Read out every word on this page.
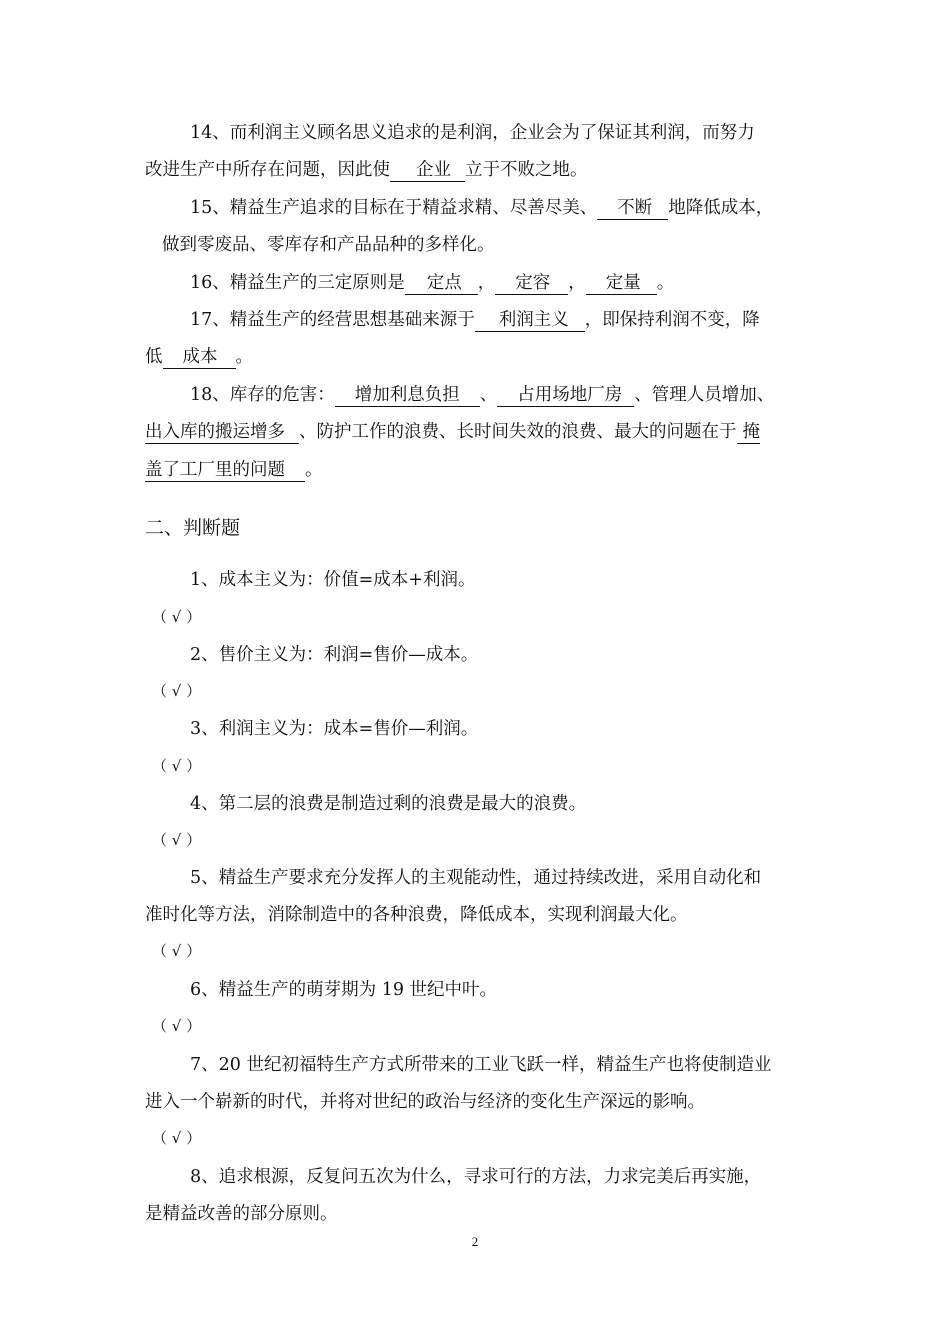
14、而利润主义顾名思义追求的是利润，企业会为了保证其利润，而努力
改进生产中所存在问题，因此使 企业 立于不败之地。
15、精益生产追求的目标在于精益求精、尽善尽美、 不断 地降低成本，
做到零废品、零库存和产品品种的多样化。
16、精益生产的三定原则是 定点 ， 定容 ， 定量 。
17、精益生产的经营思想基础来源于 利润主义 ，即保持利润不变，降
低 成本 。
18、库存的危害： 增加利息负担 、 占用场地厂房 、管理人员增加、
出入库的搬运增多 、防护工作的浪费、长时间失效的浪费、最大的问题在于 掩
盖了工厂里的问题 。
二、判断题
1、成本主义为：价值=成本+利润。
（ √ ）
2、售价主义为：利润=售价—成本。
（ √ ）
3、利润主义为：成本=售价—利润。
（ √ ）
4、第二层的浪费是制造过剩的浪费是最大的浪费。
（ √ ）
5、精益生产要求充分发挥人的主观能动性，通过持续改进，采用自动化和
准时化等方法，消除制造中的各种浪费，降低成本，实现利润最大化。
（ √ ）
6、精益生产的萌芽期为 19 世纪中叶。
（ √ ）
7、20 世纪初福特生产方式所带来的工业飞跃一样，精益生产也将使制造业
进入一个崭新的时代，并将对世纪的政治与经济的变化生产深远的影响。
（ √ ）
8、追求根源，反复问五次为什么，寻求可行的方法，力求完美后再实施，
是精益改善的部分原则。
2
